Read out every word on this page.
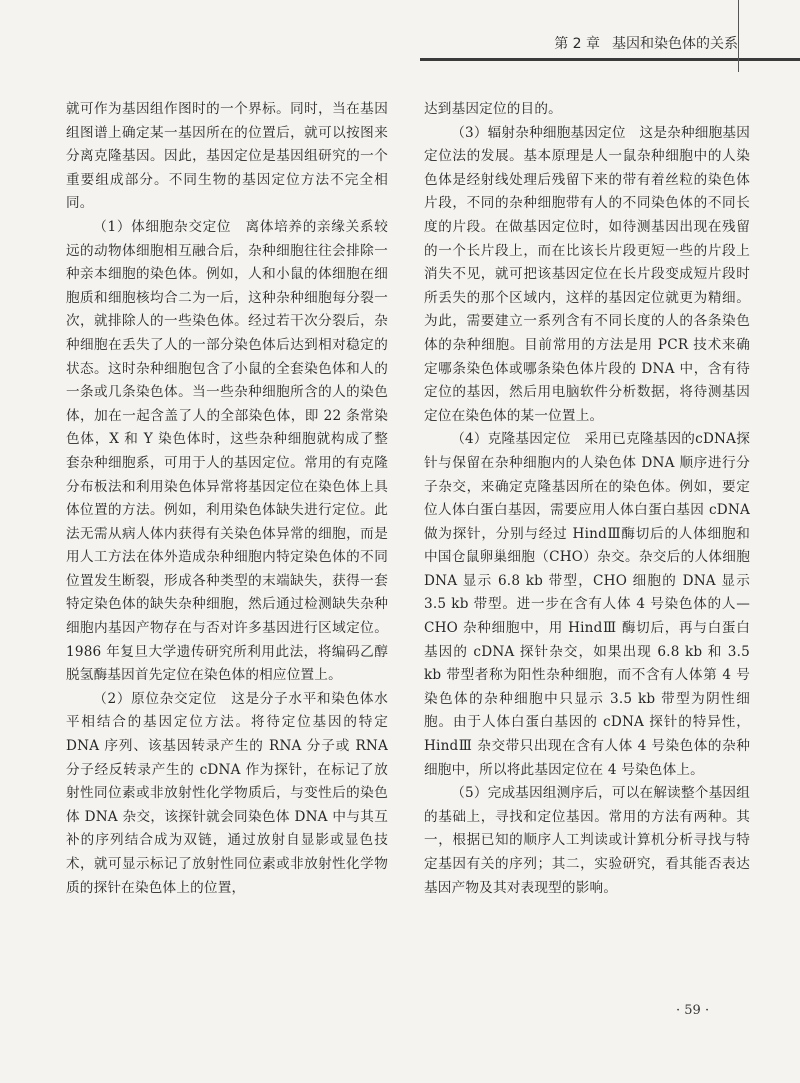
第 2 章 基因和染色体的关系

就可作为基因组作图时的一个界标。同时，当在基因组图谱上确定某一基因所在的位置后，就可以按图来分离克隆基因。因此，基因定位是基因组研究的一个重要组成部分。不同生物的基因定位方法不完全相同。

（1）体细胞杂交定位　离体培养的亲缘关系较远的动物体细胞相互融合后，杂种细胞往往会排除一种亲本细胞的染色体。例如，人和小鼠的体细胞在细胞质和细胞核均合二为一后，这种杂种细胞每分裂一次，就排除人的一些染色体。经过若干次分裂后，杂种细胞在丢失了人的一部分染色体后达到相对稳定的状态。这时杂种细胞包含了小鼠的全套染色体和人的一条或几条染色体。当一些杂种细胞所含的人的染色体，加在一起含盖了人的全部染色体，即 22 条常染色体，X 和 Y 染色体时，这些杂种细胞就构成了整套杂种细胞系，可用于人的基因定位。常用的有克隆分布板法和利用染色体异常将基因定位在染色体上具体位置的方法。例如，利用染色体缺失进行定位。此法无需从病人体内获得有关染色体异常的细胞，而是用人工方法在体外造成杂种细胞内特定染色体的不同位置发生断裂，形成各种类型的末端缺失，获得一套特定染色体的缺失杂种细胞，然后通过检测缺失杂种细胞内基因产物存在与否对许多基因进行区域定位。1986 年复旦大学遗传研究所利用此法，将编码乙醇脱氢酶基因首先定位在染色体的相应位置上。

（2）原位杂交定位　这是分子水平和染色体水平相结合的基因定位方法。将待定位基因的特定 DNA 序列、该基因转录产生的 RNA 分子或 RNA 分子经反转录产生的 cDNA 作为探针，在标记了放射性同位素或非放射性化学物质后，与变性后的染色体 DNA 杂交，该探针就会同染色体 DNA 中与其互补的序列结合成为双链，通过放射自显影或显色技术，就可显示标记了放射性同位素或非放射性化学物质的探针在染色体上的位置，

达到基因定位的目的。

（3）辐射杂种细胞基因定位　这是杂种细胞基因定位法的发展。基本原理是人一鼠杂种细胞中的人染色体是经射线处理后残留下来的带有着丝粒的染色体片段，不同的杂种细胞带有人的不同染色体的不同长度的片段。在做基因定位时，如待测基因出现在残留的一个长片段上，而在比该长片段更短一些的片段上消失不见，就可把该基因定位在长片段变成短片段时所丢失的那个区域内，这样的基因定位就更为精细。为此，需要建立一系列含有不同长度的人的各条染色体的杂种细胞。目前常用的方法是用 PCR 技术来确定哪条染色体或哪条染色体片段的 DNA 中，含有待定位的基因，然后用电脑软件分析数据，将待测基因定位在染色体的某一位置上。

（4）克隆基因定位　采用已克隆基因的cDNA探针与保留在杂种细胞内的人染色体 DNA 顺序进行分子杂交，来确定克隆基因所在的染色体。例如，要定位人体白蛋白基因，需要应用人体白蛋白基因 cDNA 做为探针，分别与经过 HindⅢ酶切后的人体细胞和中国仓鼠卵巢细胞（CHO）杂交。杂交后的人体细胞 DNA 显示 6.8 kb 带型，CHO 细胞的 DNA 显示 3.5 kb 带型。进一步在含有人体 4 号染色体的人—CHO 杂种细胞中，用 HindⅢ 酶切后，再与白蛋白基因的 cDNA 探针杂交，如果出现 6.8 kb 和 3.5 kb 带型者称为阳性杂种细胞，而不含有人体第 4 号染色体的杂种细胞中只显示 3.5 kb 带型为阴性细胞。由于人体白蛋白基因的 cDNA 探针的特异性，HindⅢ 杂交带只出现在含有人体 4 号染色体的杂种细胞中，所以将此基因定位在 4 号染色体上。

（5）完成基因组测序后，可以在解读整个基因组的基础上，寻找和定位基因。常用的方法有两种。其一，根据已知的顺序人工判读或计算机分析寻找与特定基因有关的序列；其二，实验研究，看其能否表达基因产物及其对表现型的影响。

· 59 ·
